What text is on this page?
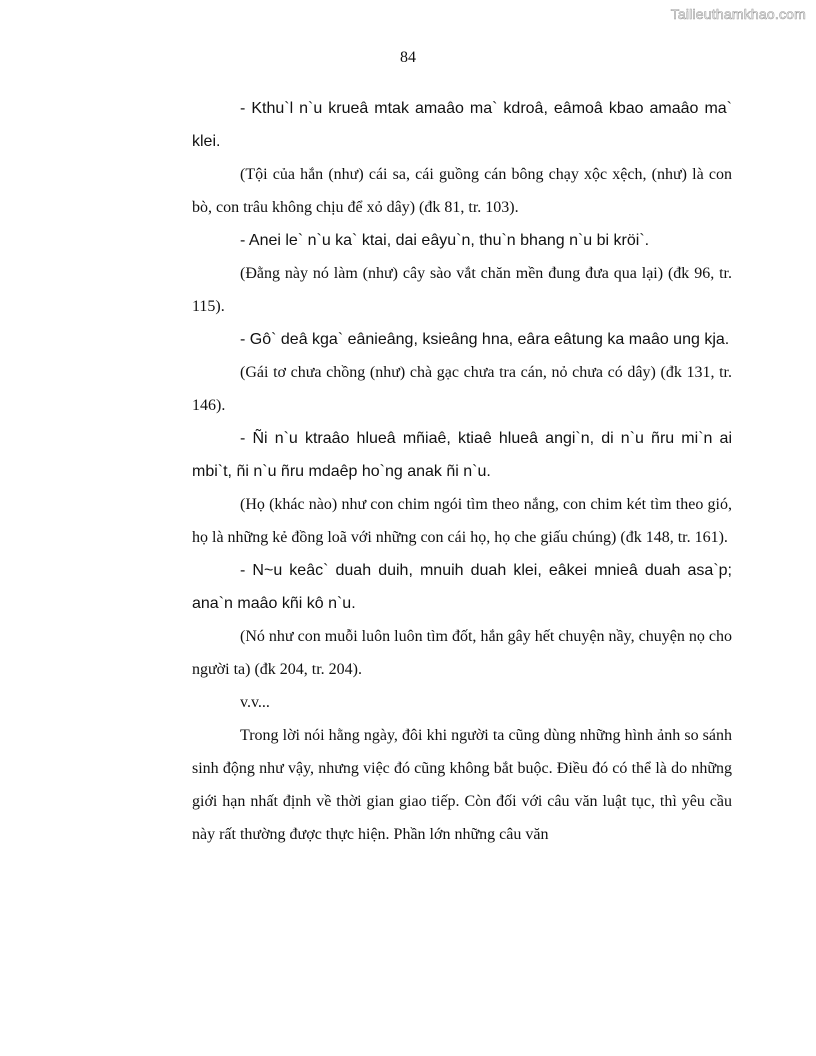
Tailieuthamkhao.com
84

- Kthu`l n`u krueâ mtak amaâo ma` kdroâ, eâmoâ kbao amaâo ma` klei.

(Tội của hắn (như) cái sa, cái guồng cán bông chạy xộc xệch, (như) là con bò, con trâu không chịu để xỏ dây) (đk 81, tr. 103).

- Anei le` n`u ka` ktai, dai eâyu`n, thu`n bhang n`u bi kröi`.

(Đằng này nó làm (như) cây sào vắt chăn mền đung đưa qua lại) (đk 96, tr. 115).

- Gô` deâ kga` eânieâng, ksieâng hna, eâra eâtung ka maâo ung kja.

(Gái tơ chưa chồng (như) chà gạc chưa tra cán, nỏ chưa có dây) (đk 131, tr. 146).

- Ñi n`u ktraâo hlueâ mñiaê, ktiaê hlueâ angi`n, di n`u ñru mi`n ai mbi`t, ñi n`u ñru mdaêp ho`ng anak ñi n`u.

(Họ (khác nào) như con chim ngói tìm theo nắng, con chim két tìm theo gió, họ là những kẻ đồng loã với những con cái họ, họ che giấu chúng) (đk 148, tr. 161).

- N~u keâc` duah duih, mnuih duah klei, eâkei mnieâ duah asa`p; ana`n maâo kñi kô n`u.

(Nó như con muỗi luôn luôn tìm đốt, hắn gây hết chuyện nầy, chuyện nọ cho người ta) (đk 204, tr. 204).

v.v...

Trong lời nói hằng ngày, đôi khi người ta cũng dùng những hình ảnh so sánh sinh động như vậy, nhưng việc đó cũng không bắt buộc. Điều đó có thể là do những giới hạn nhất định về thời gian giao tiếp. Còn đối với câu văn luật tục, thì yêu cầu này rất thường được thực hiện. Phần lớn những câu văn
